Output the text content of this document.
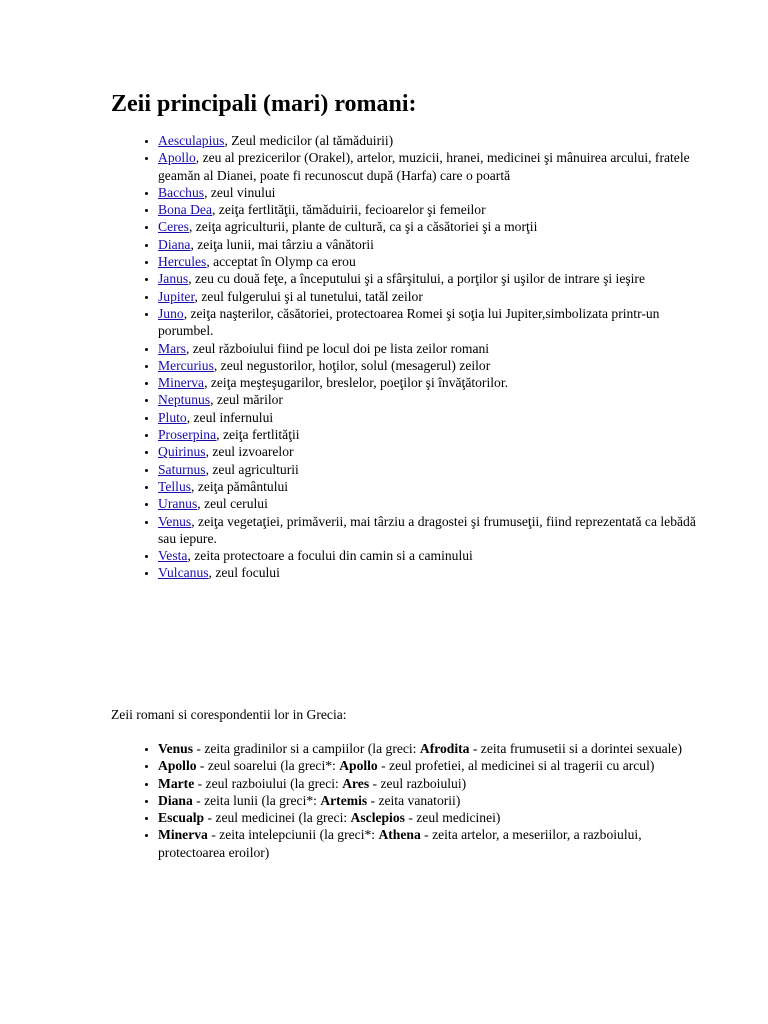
Zeii principali (mari) romani:
• Aesculapius, Zeul medicilor (al tămăduirii)
• Apollo, zeu al prezicerilor (Orakel), artelor, muzicii, hranei, medicinei şi mânuirea arcului, fratele geamăn al Dianei, poate fi recunoscut după (Harfa) care o poartă
• Bacchus, zeul vinului
• Bona Dea, zeiţa fertlităţii, tămăduirii, fecioarelor şi femeilor
• Ceres, zeiţa agriculturii, plante de cultură, ca şi a căsătoriei şi a morţii
• Diana, zeiţa lunii, mai târziu a vânătorii
• Hercules, acceptat în Olymp ca erou
• Janus, zeu cu două feţe, a începutului şi a sfârşitului, a porţilor şi uşilor de intrare şi ieşire
• Jupiter, zeul fulgerului şi al tunetului, tatăl zeilor
• Juno, zeiţa naşterilor, căsătoriei, protectoarea Romei şi soţia lui Jupiter,simbolizata printr-un porumbel.
• Mars, zeul războiului fiind pe locul doi pe lista zeilor romani
• Mercurius, zeul negustorilor, hoţilor, solul (mesagerul) zeilor
• Minerva, zeiţa meşteşugarilor, breslelor, poeţilor şi învăţătorilor.
• Neptunus, zeul mărilor
• Pluto, zeul infernului
• Proserpina, zeiţa fertlităţii
• Quirinus, zeul izvoarelor
• Saturnus, zeul agriculturii
• Tellus, zeiţa pământului
• Uranus, zeul cerului
• Venus, zeiţa vegetaţiei, primăverii, mai târziu a dragostei şi frumuseţii, fiind reprezentată ca lebădă sau iepure.
• Vesta, zeita protectoare a focului din camin si a caminului
• Vulcanus, zeul focului

Zeii romani si corespondentii lor in Grecia:

• Venus - zeita gradinilor si a campiilor (la greci: Afrodita - zeita frumusetii si a dorintei sexuale)
• Apollo - zeul soarelui (la greci*: Apollo - zeul profetiei, al medicinei si al tragerii cu arcul)
• Marte - zeul razboiului (la greci: Ares - zeul razboiului)
• Diana - zeita lunii (la greci*: Artemis - zeita vanatorii)
• Escualp - zeul medicinei (la greci: Asclepios - zeul medicinei)
• Minerva - zeita intelepciunii (la greci*: Athena - zeita artelor, a meseriilor, a razboiului, protectoarea eroilor)
